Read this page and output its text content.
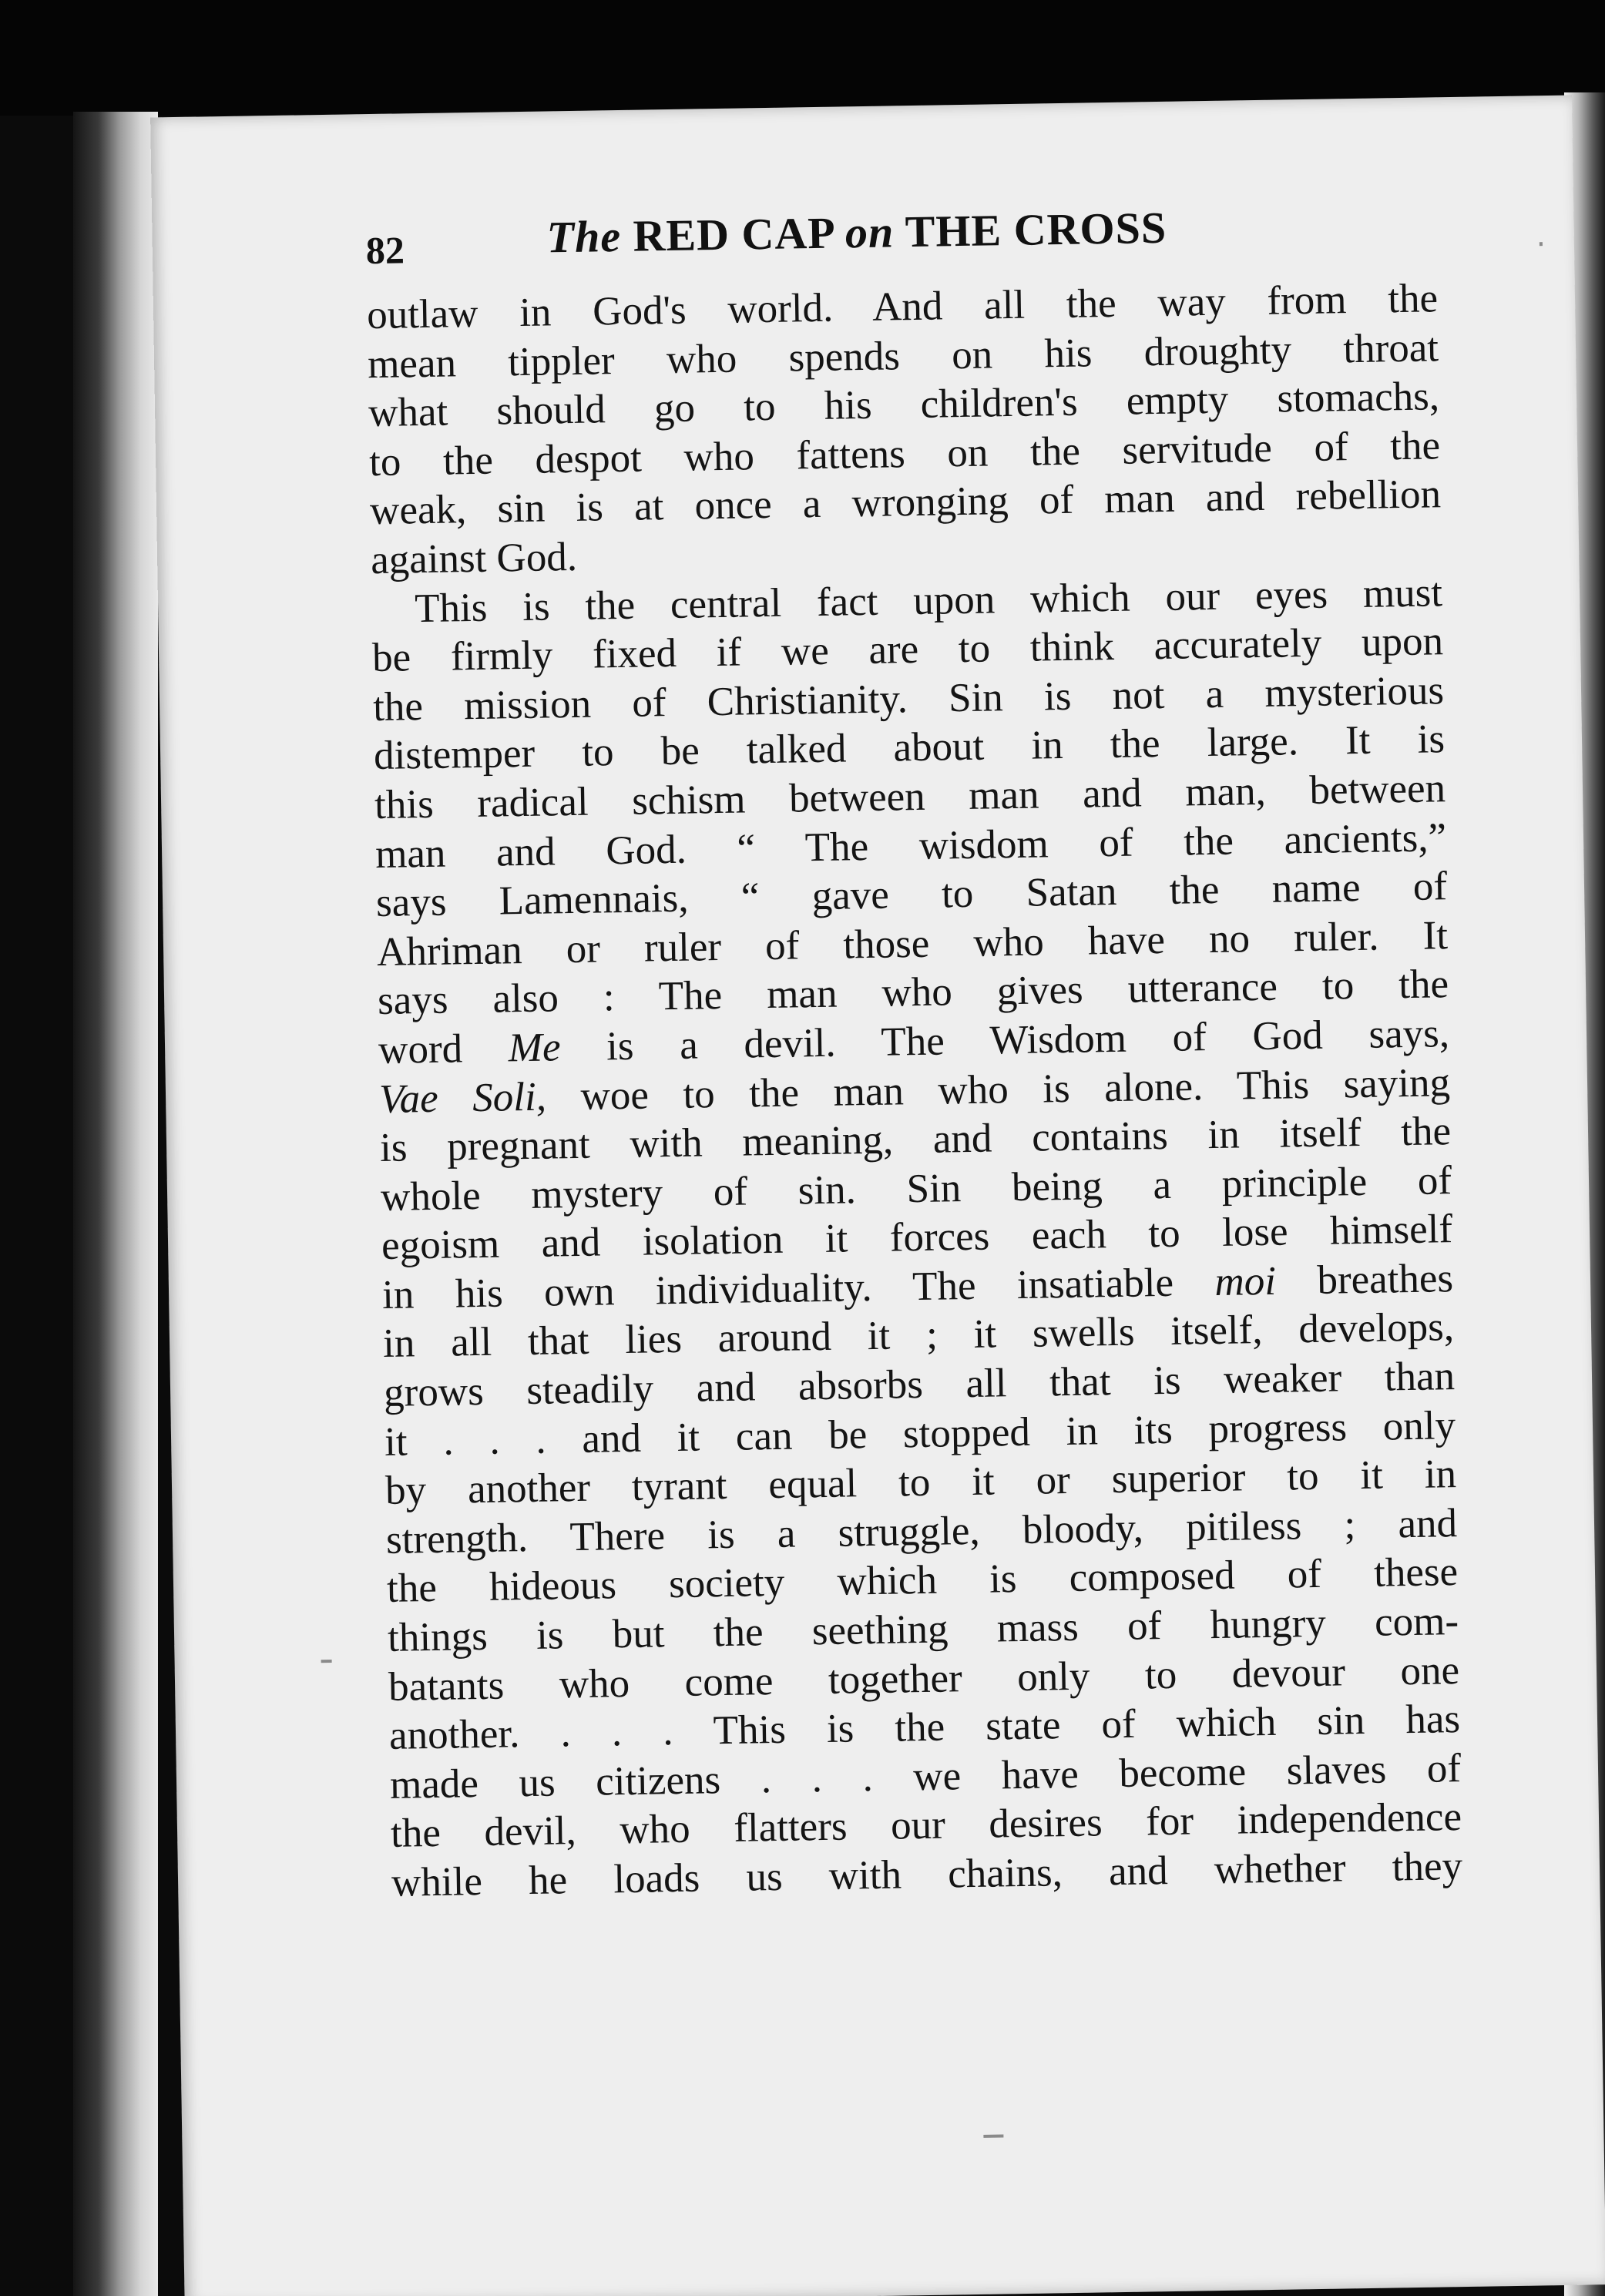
82	The RED CAP on THE CROSS
outlaw in God's world. And all the way from the
mean tippler who spends on his droughty throat
what should go to his children's empty stomachs,
to the despot who fattens on the servitude of the
weak, sin is at once a wronging of man and rebellion
against God.
This is the central fact upon which our eyes must
be firmly fixed if we are to think accurately upon
the mission of Christianity. Sin is not a mysterious
distemper to be talked about in the large. It is
this radical schism between man and man, between
man and God. “ The wisdom of the ancients,”
says Lamennais, “ gave to Satan the name of
Ahriman or ruler of those who have no ruler. It
says also : The man who gives utterance to the
word Me is a devil. The Wisdom of God says,
Vae Soli, woe to the man who is alone. This saying
is pregnant with meaning, and contains in itself the
whole mystery of sin. Sin being a principle of
egoism and isolation it forces each to lose himself
in his own individuality. The insatiable moi breathes
in all that lies around it ; it swells itself, develops,
grows steadily and absorbs all that is weaker than
it . . . and it can be stopped in its progress only
by another tyrant equal to it or superior to it in
strength. There is a struggle, bloody, pitiless ; and
the hideous society which is composed of these
things is but the seething mass of hungry com-
batants who come together only to devour one
another. . . . This is the state of which sin has
made us citizens . . . we have become slaves of
the devil, who flatters our desires for independence
while he loads us with chains, and whether they
